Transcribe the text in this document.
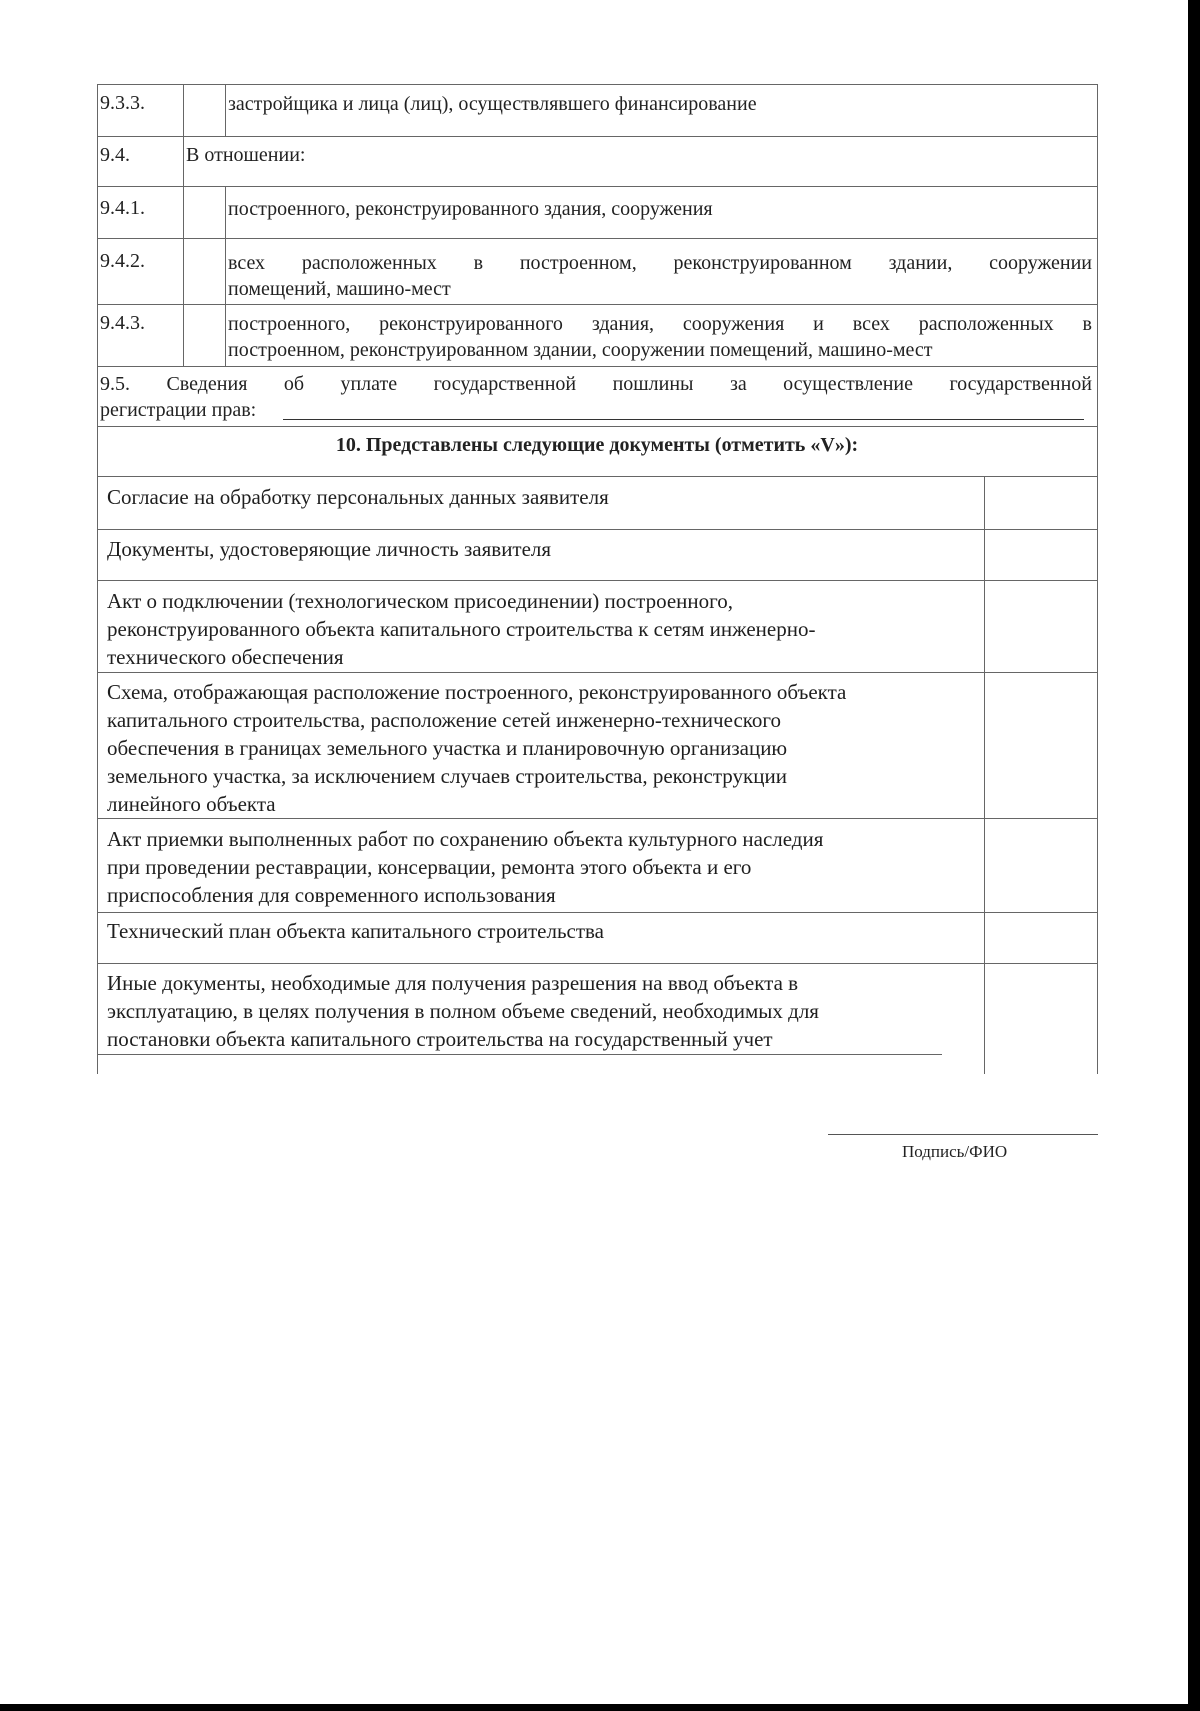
9.3.3.	застройщика и лица (лиц), осуществлявшего финансирование
9.4.	В отношении:
9.4.1.	построенного, реконструированного здания, сооружения
9.4.2.	всех расположенных в построенном, реконструированном здании, сооружении
помещений, машино-мест
9.4.3.	построенного, реконструированного здания, сооружения и всех расположенных в
построенном, реконструированном здании, сооружении помещений, машино-мест
9.5. Сведения об уплате государственной пошлины за осуществление государственной
регистрации прав:
10. Представлены следующие документы (отметить «V»):
Согласие на обработку персональных данных заявителя
Документы, удостоверяющие личность заявителя
Акт о подключении (технологическом присоединении) построенного,
реконструированного объекта капитального строительства к сетям инженерно-
технического обеспечения
Схема, отображающая расположение построенного, реконструированного объекта
капитального строительства, расположение сетей инженерно-технического
обеспечения в границах земельного участка и планировочную организацию
земельного участка, за исключением случаев строительства, реконструкции
линейного объекта
Акт приемки выполненных работ по сохранению объекта культурного наследия
при проведении реставрации, консервации, ремонта этого объекта и его
приспособления для современного использования
Технический план объекта капитального строительства
Иные документы, необходимые для получения разрешения на ввод объекта в
эксплуатацию, в целях получения в полном объеме сведений, необходимых для
постановки объекта капитального строительства на государственный учет
Подпись/ФИО
